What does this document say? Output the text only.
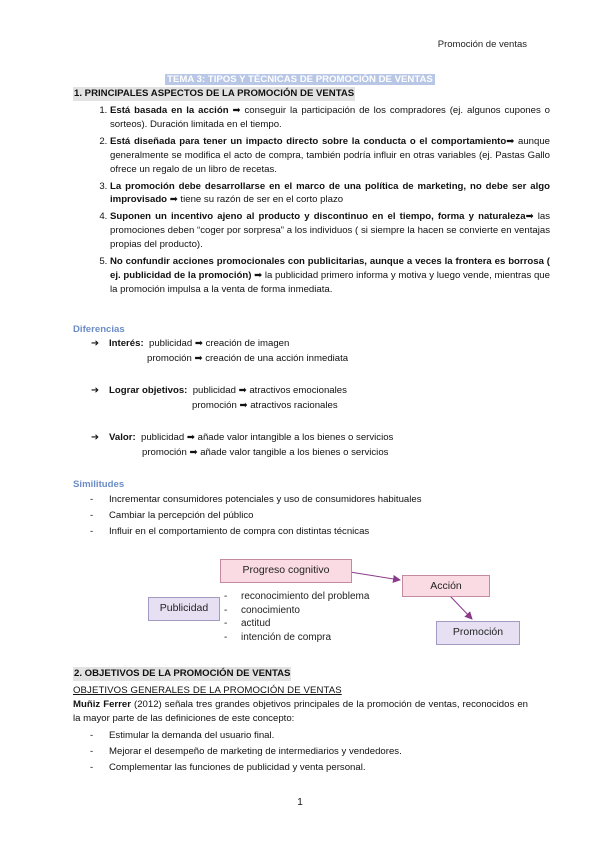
Promoción de ventas
TEMA 3: TIPOS Y TÉCNICAS DE PROMOCIÓN DE VENTAS
1. PRINCIPALES ASPECTOS DE LA PROMOCIÓN DE VENTAS
1. Está basada en la acción ➡ conseguir la participación de los compradores (ej. algunos cupones o sorteos). Duración limitada en el tiempo.
2. Está diseñada para tener un impacto directo sobre la conducta o el comportamiento➡ aunque generalmente se modifica el acto de compra, también podría influir en otras variables (ej. Pastas Gallo ofrece un regalo de un libro de recetas.
3. La promoción debe desarrollarse en el marco de una política de marketing, no debe ser algo improvisado ➡ tiene su razón de ser en el corto plazo
4. Suponen un incentivo ajeno al producto y discontinuo en el tiempo, forma y naturaleza➡ las promociones deben “coger por sorpresa” a los individuos ( si siempre la hacen se convierte en ventajas propias del producto).
5. No confundir acciones promocionales con publicitarias, aunque a veces la frontera es borrosa ( ej. publicidad de la promoción) ➡ la publicidad primero informa y motiva y luego vende, mientras que la promoción impulsa a la venta de forma inmediata.
Diferencias
➔ Interés: publicidad ➡ creación de imagen
promoción ➡ creación de una acción inmediata
➔ Lograr objetivos: publicidad ➡ atractivos emocionales
promoción ➡ atractivos racionales
➔ Valor: publicidad ➡ añade valor intangible a los bienes o servicios
promoción ➡ añade valor tangible a los bienes o servicios
Similitudes
- Incrementar consumidores potenciales y uso de consumidores habituales
- Cambiar la percepción del público
- Influir en el comportamiento de compra con distintas técnicas
Progreso cognitivo
Acción
Publicidad
Promoción
- reconocimiento del problema
- conocimiento
- actitud
- intención de compra
2. OBJETIVOS DE LA PROMOCIÓN DE VENTAS
OBJETIVOS GENERALES DE LA PROMOCIÓN DE VENTAS
Muñiz Ferrer (2012) señala tres grandes objetivos principales de la promoción de ventas, reconocidos en la mayor parte de las definiciones de este concepto:
- Estimular la demanda del usuario final.
- Mejorar el desempeño de marketing de intermediarios y vendedores.
- Complementar las funciones de publicidad y venta personal.
1
